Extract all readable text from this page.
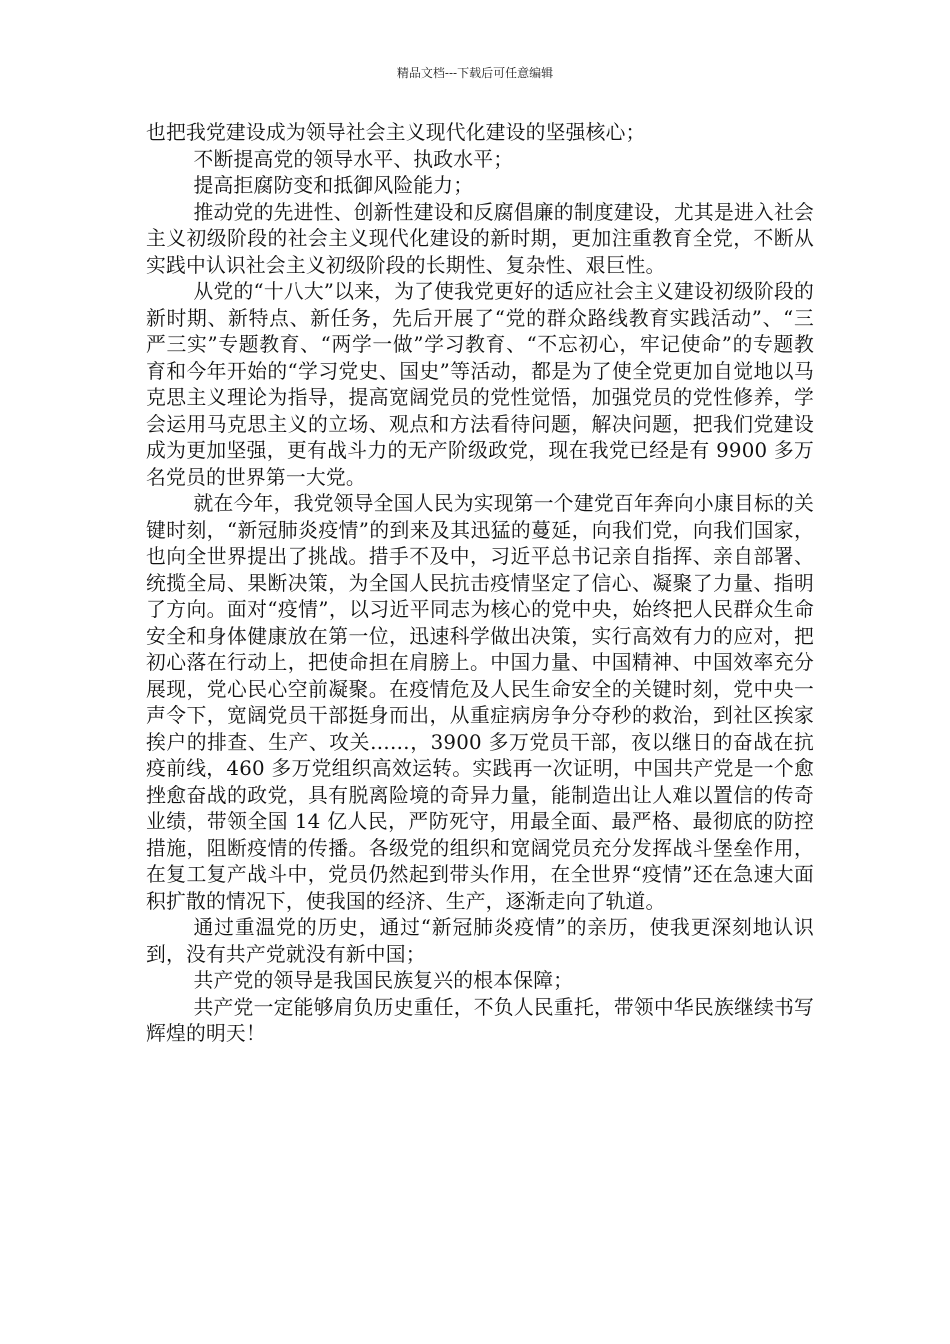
精品文档---下载后可任意编辑

也把我党建设成为领导社会主义现代化建设的坚强核心；

不断提高党的领导水平、执政水平；

提高拒腐防变和抵御风险能力；

推动党的先进性、创新性建设和反腐倡廉的制度建设，尤其是进入社会主义初级阶段的社会主义现代化建设的新时期，更加注重教育全党，不断从实践中认识社会主义初级阶段的长期性、复杂性、艰巨性。

从党的“十八大”以来，为了使我党更好的适应社会主义建设初级阶段的新时期、新特点、新任务，先后开展了“党的群众路线教育实践活动”、“三严三实”专题教育、“两学一做”学习教育、“不忘初心，牢记使命”的专题教育和今年开始的“学习党史、国史”等活动，都是为了使全党更加自觉地以马克思主义理论为指导，提高宽阔党员的党性觉悟，加强党员的党性修养，学会运用马克思主义的立场、观点和方法看待问题，解决问题，把我们党建设成为更加坚强，更有战斗力的无产阶级政党，现在我党已经是有 9900 多万名党员的世界第一大党。

就在今年，我党领导全国人民为实现第一个建党百年奔向小康目标的关键时刻，“新冠肺炎疫情”的到来及其迅猛的蔓延，向我们党，向我们国家，也向全世界提出了挑战。措手不及中，习近平总书记亲自指挥、亲自部署、统揽全局、果断决策，为全国人民抗击疫情坚定了信心、凝聚了力量、指明了方向。面对“疫情”，以习近平同志为核心的党中央，始终把人民群众生命安全和身体健康放在第一位，迅速科学做出决策，实行高效有力的应对，把初心落在行动上，把使命担在肩膀上。中国力量、中国精神、中国效率充分展现，党心民心空前凝聚。在疫情危及人民生命安全的关键时刻，党中央一声令下，宽阔党员干部挺身而出，从重症病房争分夺秒的救治，到社区挨家挨户的排查、生产、攻关……，3900 多万党员干部，夜以继日的奋战在抗疫前线，460 多万党组织高效运转。实践再一次证明，中国共产党是一个愈挫愈奋战的政党，具有脱离险境的奇异力量，能制造出让人难以置信的传奇业绩，带领全国 14 亿人民，严防死守，用最全面、最严格、最彻底的防控措施，阻断疫情的传播。各级党的组织和宽阔党员充分发挥战斗堡垒作用，在复工复产战斗中，党员仍然起到带头作用，在全世界“疫情”还在急速大面积扩散的情况下，使我国的经济、生产，逐渐走向了轨道。

通过重温党的历史，通过“新冠肺炎疫情”的亲历，使我更深刻地认识到，没有共产党就没有新中国；

共产党的领导是我国民族复兴的根本保障；

共产党一定能够肩负历史重任，不负人民重托，带领中华民族继续书写辉煌的明天！
